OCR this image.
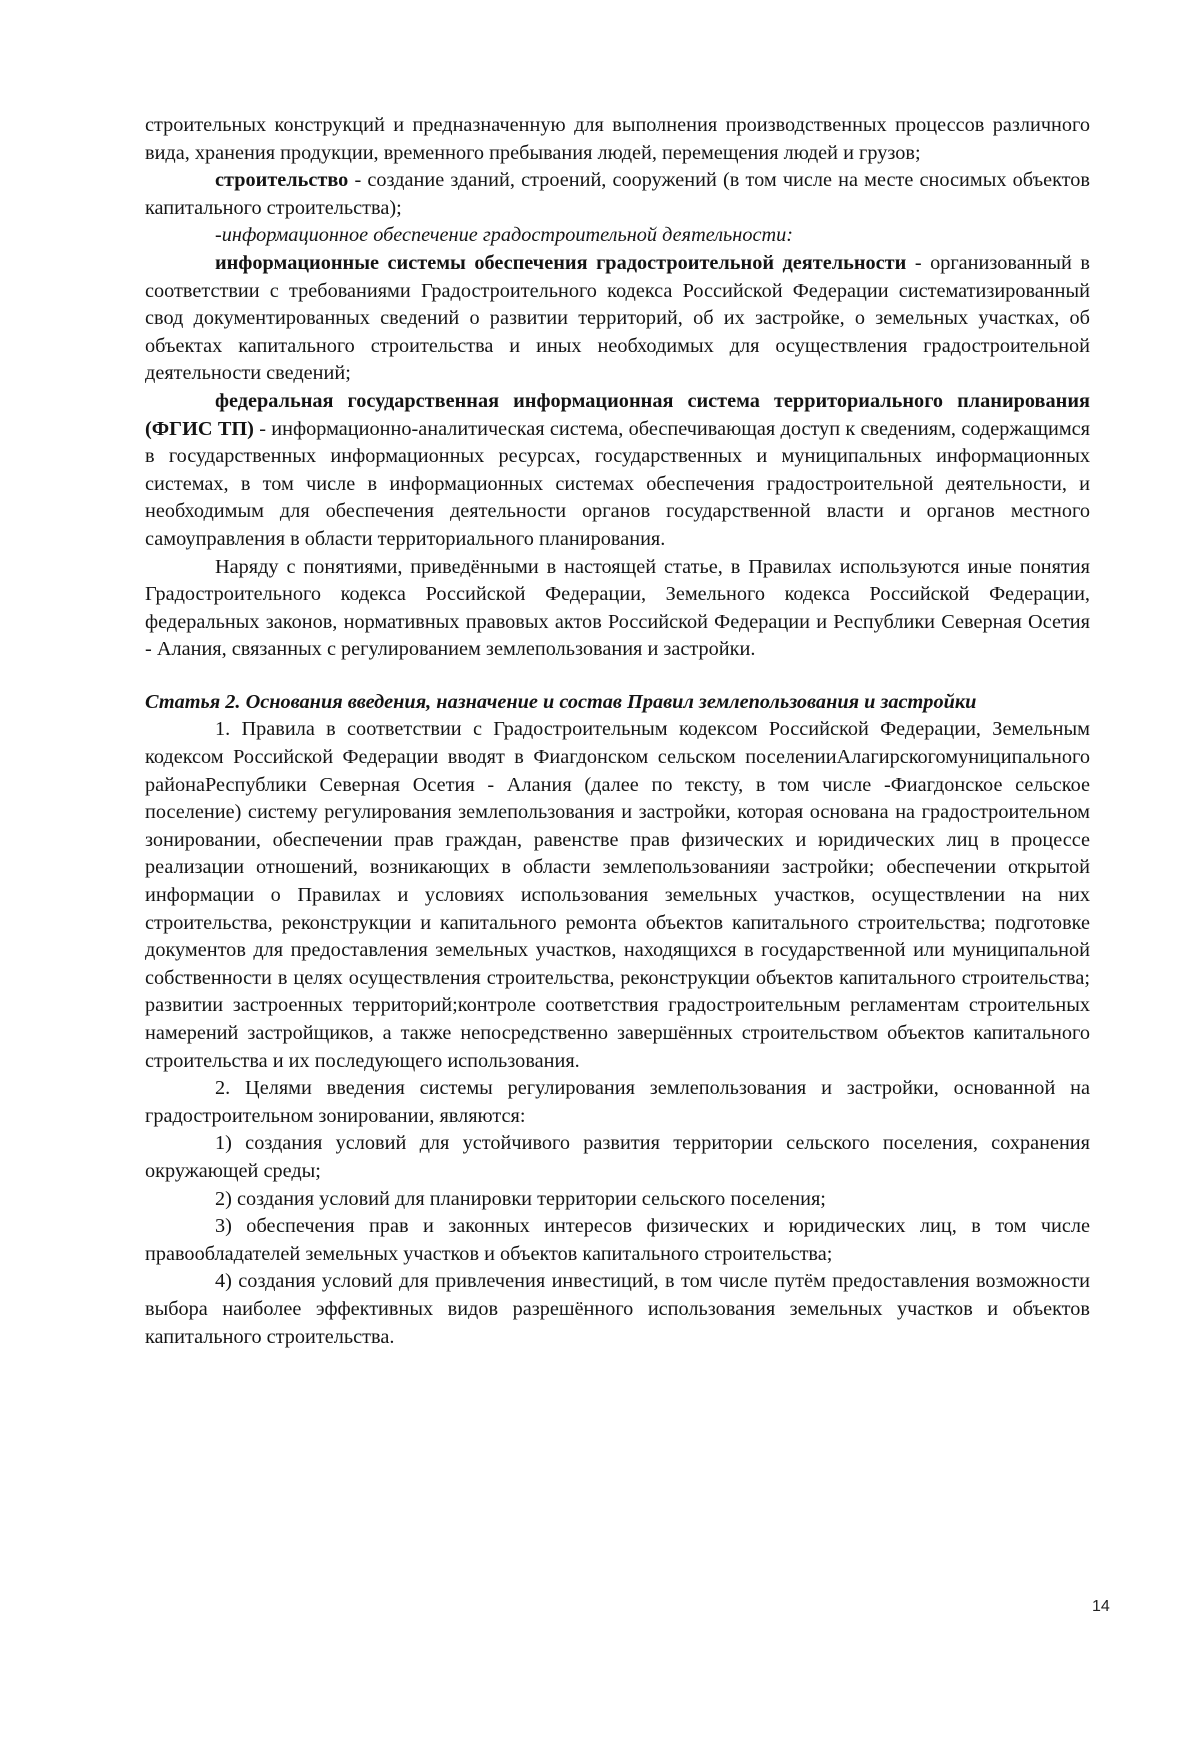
строительных конструкций и предназначенную для выполнения производственных процессов различного вида, хранения продукции, временного пребывания людей, перемещения людей и грузов;

строительство - создание зданий, строений, сооружений (в том числе на месте сносимых объектов капитального строительства);

-информационное обеспечение градостроительной деятельности:

информационные системы обеспечения градостроительной деятельности - организованный в соответствии с требованиями Градостроительного кодекса Российской Федерации систематизированный свод документированных сведений о развитии территорий, об их застройке, о земельных участках, об объектах капитального строительства и иных необходимых для осуществления градостроительной деятельности сведений;

федеральная государственная информационная система территориального планирования (ФГИС ТП) - информационно-аналитическая система, обеспечивающая доступ к сведениям, содержащимся в государственных информационных ресурсах, государственных и муниципальных информационных системах, в том числе в информационных системах обеспечения градостроительной деятельности, и необходимым для обеспечения деятельности органов государственной власти и органов местного самоуправления в области территориального планирования.

Наряду с понятиями, приведёнными в настоящей статье, в Правилах используются иные понятия Градостроительного кодекса Российской Федерации, Земельного кодекса Российской Федерации, федеральных законов, нормативных правовых актов Российской Федерации и Республики Северная Осетия - Алания, связанных с регулированием землепользования и застройки.

Статья 2. Основания введения, назначение и состав Правил землепользования и застройки

1. Правила в соответствии с Градостроительным кодексом Российской Федерации, Земельным кодексом Российской Федерации вводят в Фиагдонском сельском поселенииАлагирскогомуниципального районаРеспублики Северная Осетия - Алания (далее по тексту, в том числе -Фиагдонское сельское поселение) систему регулирования землепользования и застройки, которая основана на градостроительном зонировании, обеспечении прав граждан, равенстве прав физических и юридических лиц в процессе реализации отношений, возникающих в области землепользованияи застройки; обеспечении открытой информации о Правилах и условиях использования земельных участков, осуществлении на них строительства, реконструкции и капитального ремонта объектов капитального строительства; подготовке документов для предоставления земельных участков, находящихся в государственной или муниципальной собственности в целях осуществления строительства, реконструкции объектов капитального строительства; развитии застроенных территорий;контроле соответствия градостроительным регламентам строительных намерений застройщиков, а также непосредственно завершённых строительством объектов капитального строительства и их последующего использования.

2. Целями введения системы регулирования землепользования и застройки, основанной на градостроительном зонировании, являются:

1) создания условий для устойчивого развития территории сельского поселения, сохранения окружающей среды;

2) создания условий для планировки территории сельского поселения;

3) обеспечения прав и законных интересов физических и юридических лиц, в том числе правообладателей земельных участков и объектов капитального строительства;

4) создания условий для привлечения инвестиций, в том числе путём предоставления возможности выбора наиболее эффективных видов разрешённого использования земельных участков и объектов капитального строительства.

14
